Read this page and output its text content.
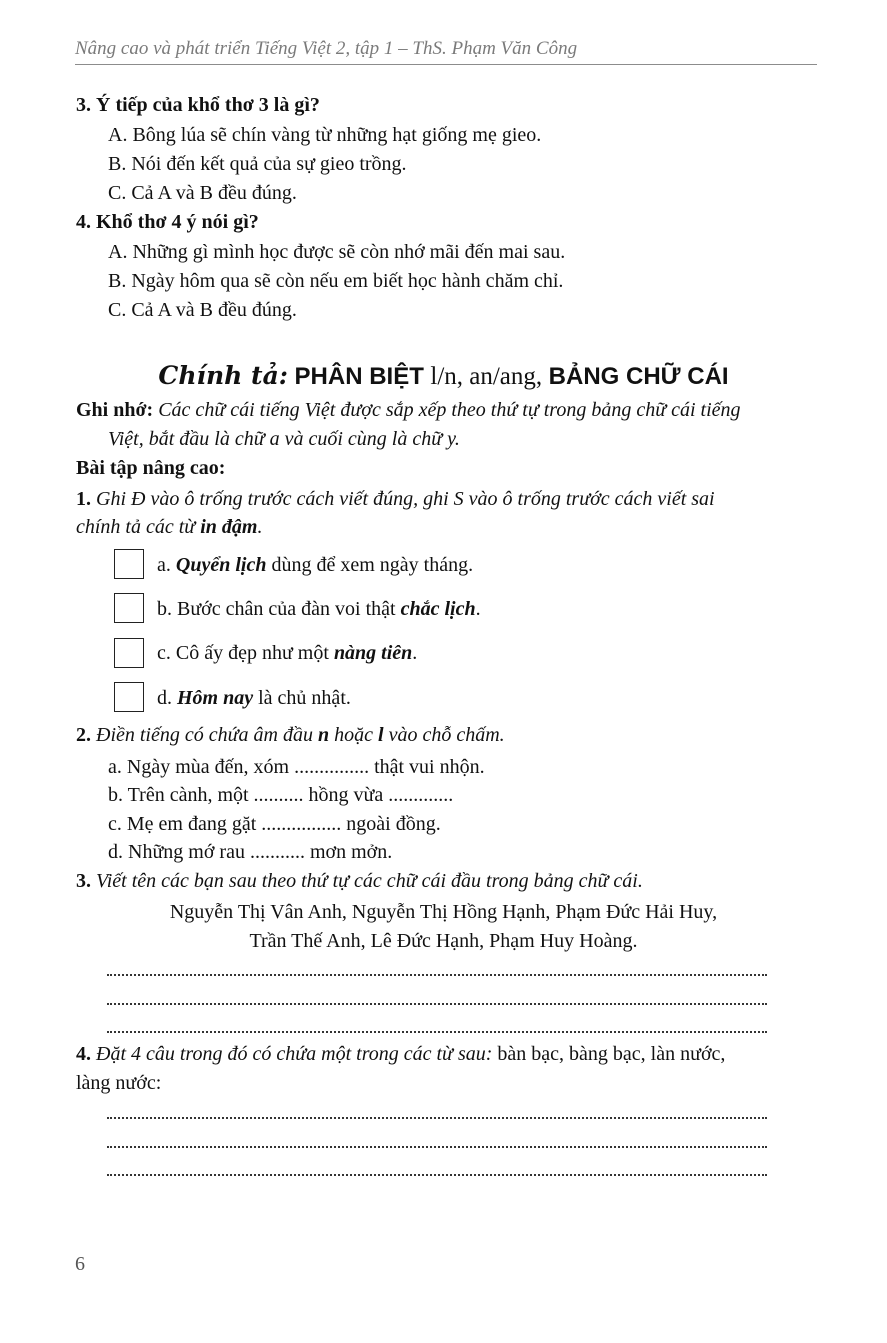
Nâng cao và phát triển Tiếng Việt 2, tập 1 – ThS. Phạm Văn Công
3. Ý tiếp của khổ thơ 3 là gì?
A. Bông lúa sẽ chín vàng từ những hạt giống mẹ gieo.
B. Nói đến kết quả của sự gieo trồng.
C. Cả A và B đều đúng.
4. Khổ thơ 4 ý nói gì?
A. Những gì mình học được sẽ còn nhớ mãi đến mai sau.
B. Ngày hôm qua sẽ còn nếu em biết học hành chăm chỉ.
C. Cả A và B đều đúng.
Chính tả: PHÂN BIỆT l/n, an/ang, BẢNG CHỮ CÁI
Ghi nhớ: Các chữ cái tiếng Việt được sắp xếp theo thứ tự trong bảng chữ cái tiếng
Việt, bắt đầu là chữ a và cuối cùng là chữ y.
Bài tập nâng cao:
1. Ghi Đ vào ô trống trước cách viết đúng, ghi S vào ô trống trước cách viết sai
chính tả các từ in đậm.
a. Quyển lịch dùng để xem ngày tháng.
b. Bước chân của đàn voi thật chắc lịch.
c. Cô ấy đẹp như một nàng tiên.
d. Hôm nay là chủ nhật.
2. Điền tiếng có chứa âm đầu n hoặc l vào chỗ chấm.
a. Ngày mùa đến, xóm ............... thật vui nhộn.
b. Trên cành, một .......... hồng vừa .............
c. Mẹ em đang gặt ................ ngoài đồng.
d. Những mớ rau ........... mơn mởn.
3. Viết tên các bạn sau theo thứ tự các chữ cái đầu trong bảng chữ cái.
Nguyễn Thị Vân Anh, Nguyễn Thị Hồng Hạnh, Phạm Đức Hải Huy,
Trần Thế Anh, Lê Đức Hạnh, Phạm Huy Hoàng.
4. Đặt 4 câu trong đó có chứa một trong các từ sau: bàn bạc, bàng bạc, làn nước,
làng nước:
6
